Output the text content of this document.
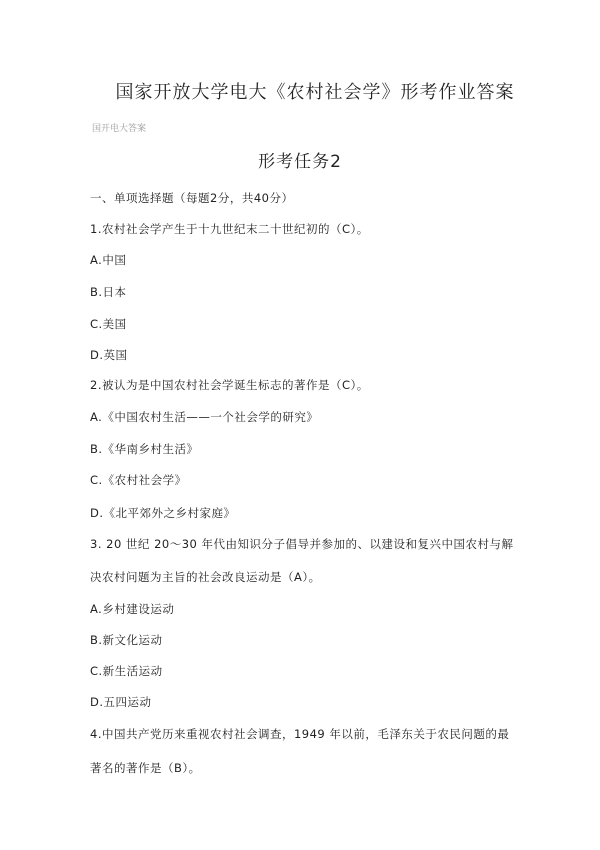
国家开放大学电大《农村社会学》形考作业答案
国开电大答案
形考任务2
一、单项选择题（每题2分，共40分）
1.农村社会学产生于十九世纪末二十世纪初的（C）。
A.中国
B.日本
C.美国
D.英国
2.被认为是中国农村社会学诞生标志的著作是（C）。
A.《中国农村生活——一个社会学的研究》
B.《华南乡村生活》
C.《农村社会学》
D.《北平郊外之乡村家庭》
3. 20 世纪 20～30 年代由知识分子倡导并参加的、以建设和复兴中国农村与解
决农村问题为主旨的社会改良运动是（A）。
A.乡村建设运动
B.新文化运动
C.新生活运动
D.五四运动
4.中国共产党历来重视农村社会调查，1949 年以前，毛泽东关于农民问题的最
著名的著作是（B）。
